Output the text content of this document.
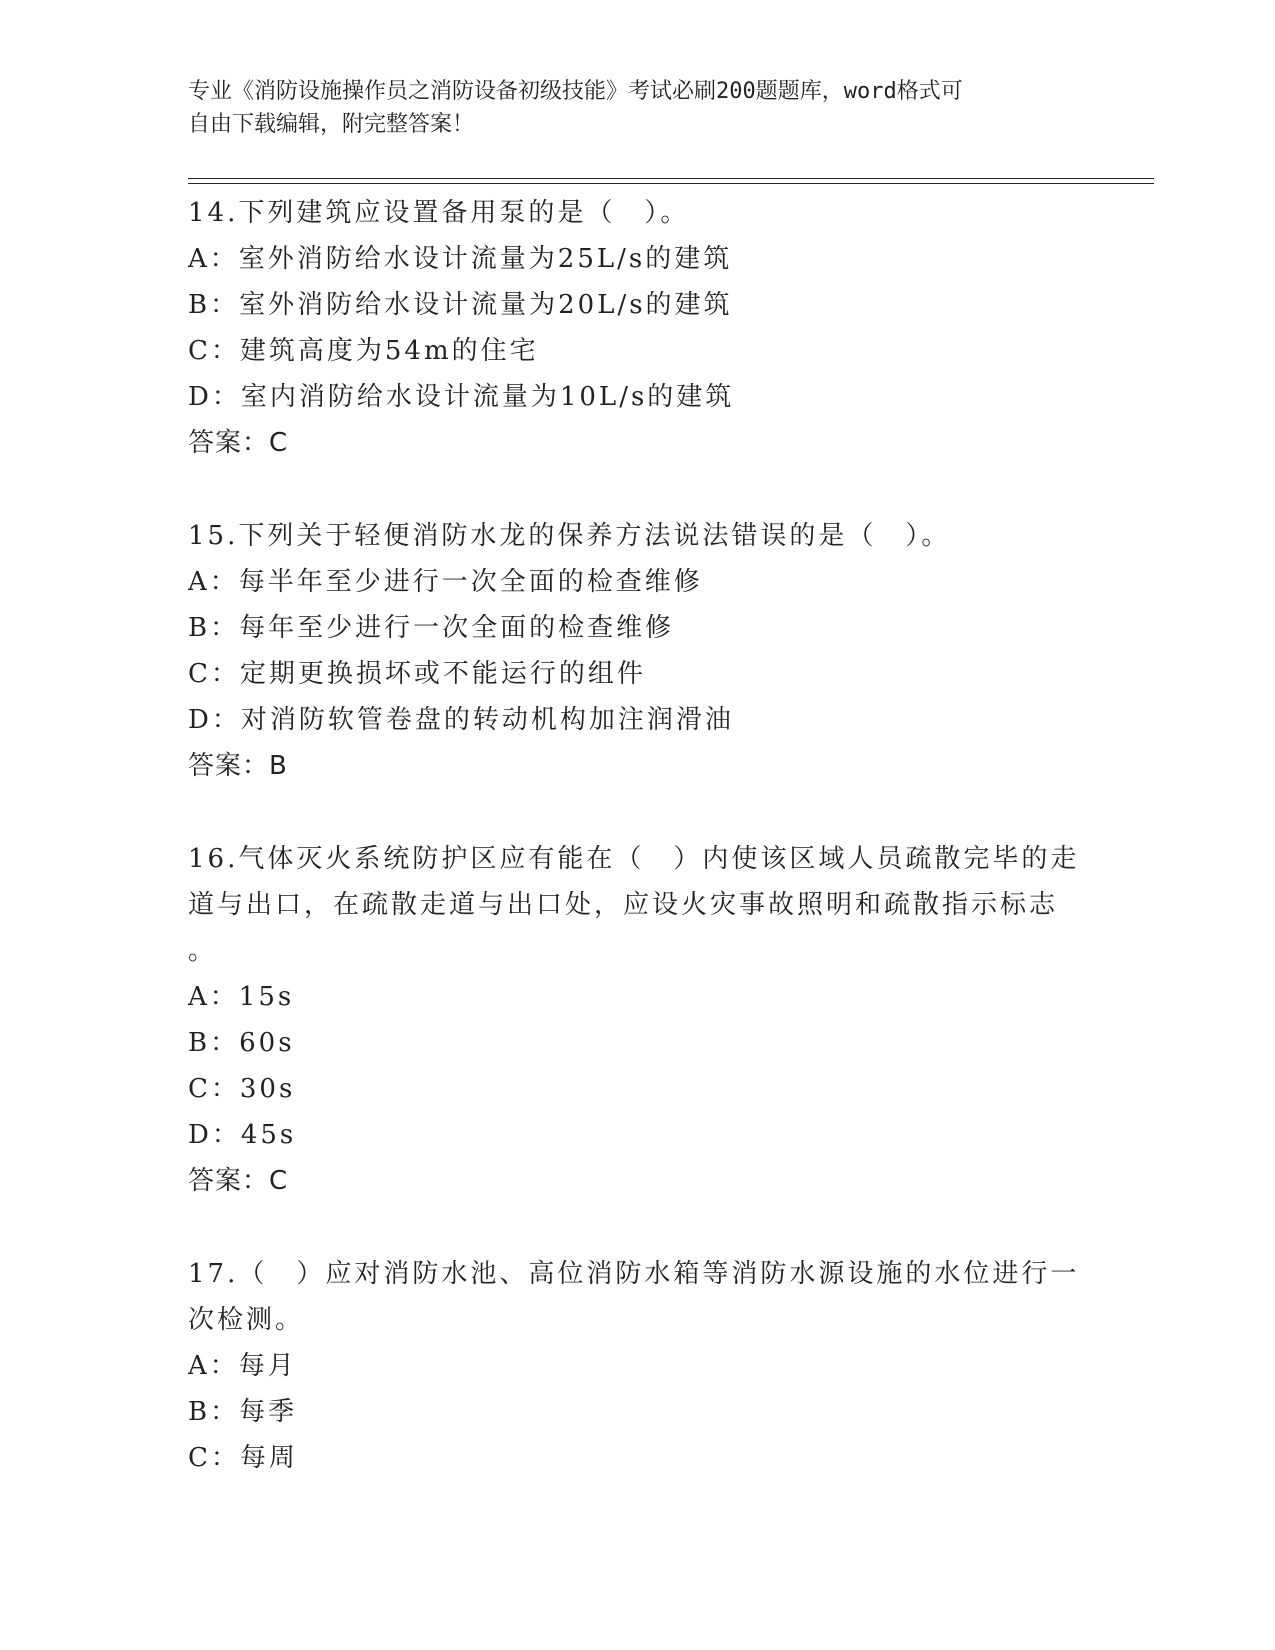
专业《消防设施操作员之消防设备初级技能》考试必刷200题题库，word格式可
自由下载编辑，附完整答案！
14.下列建筑应设置备用泵的是（　）。
A：室外消防给水设计流量为25L/s的建筑
B：室外消防给水设计流量为20L/s的建筑
C：建筑高度为54m的住宅
D：室内消防给水设计流量为10L/s的建筑
答案：C
15.下列关于轻便消防水龙的保养方法说法错误的是（　）。
A：每半年至少进行一次全面的检查维修
B：每年至少进行一次全面的检查维修
C：定期更换损坏或不能运行的组件
D：对消防软管卷盘的转动机构加注润滑油
答案：B
16.气体灭火系统防护区应有能在（　）内使该区域人员疏散完毕的走
道与出口，在疏散走道与出口处，应设火灾事故照明和疏散指示标志
。
A：15s
B：60s
C：30s
D：45s
答案：C
17.（　）应对消防水池、高位消防水箱等消防水源设施的水位进行一
次检测。
A：每月
B：每季
C：每周
